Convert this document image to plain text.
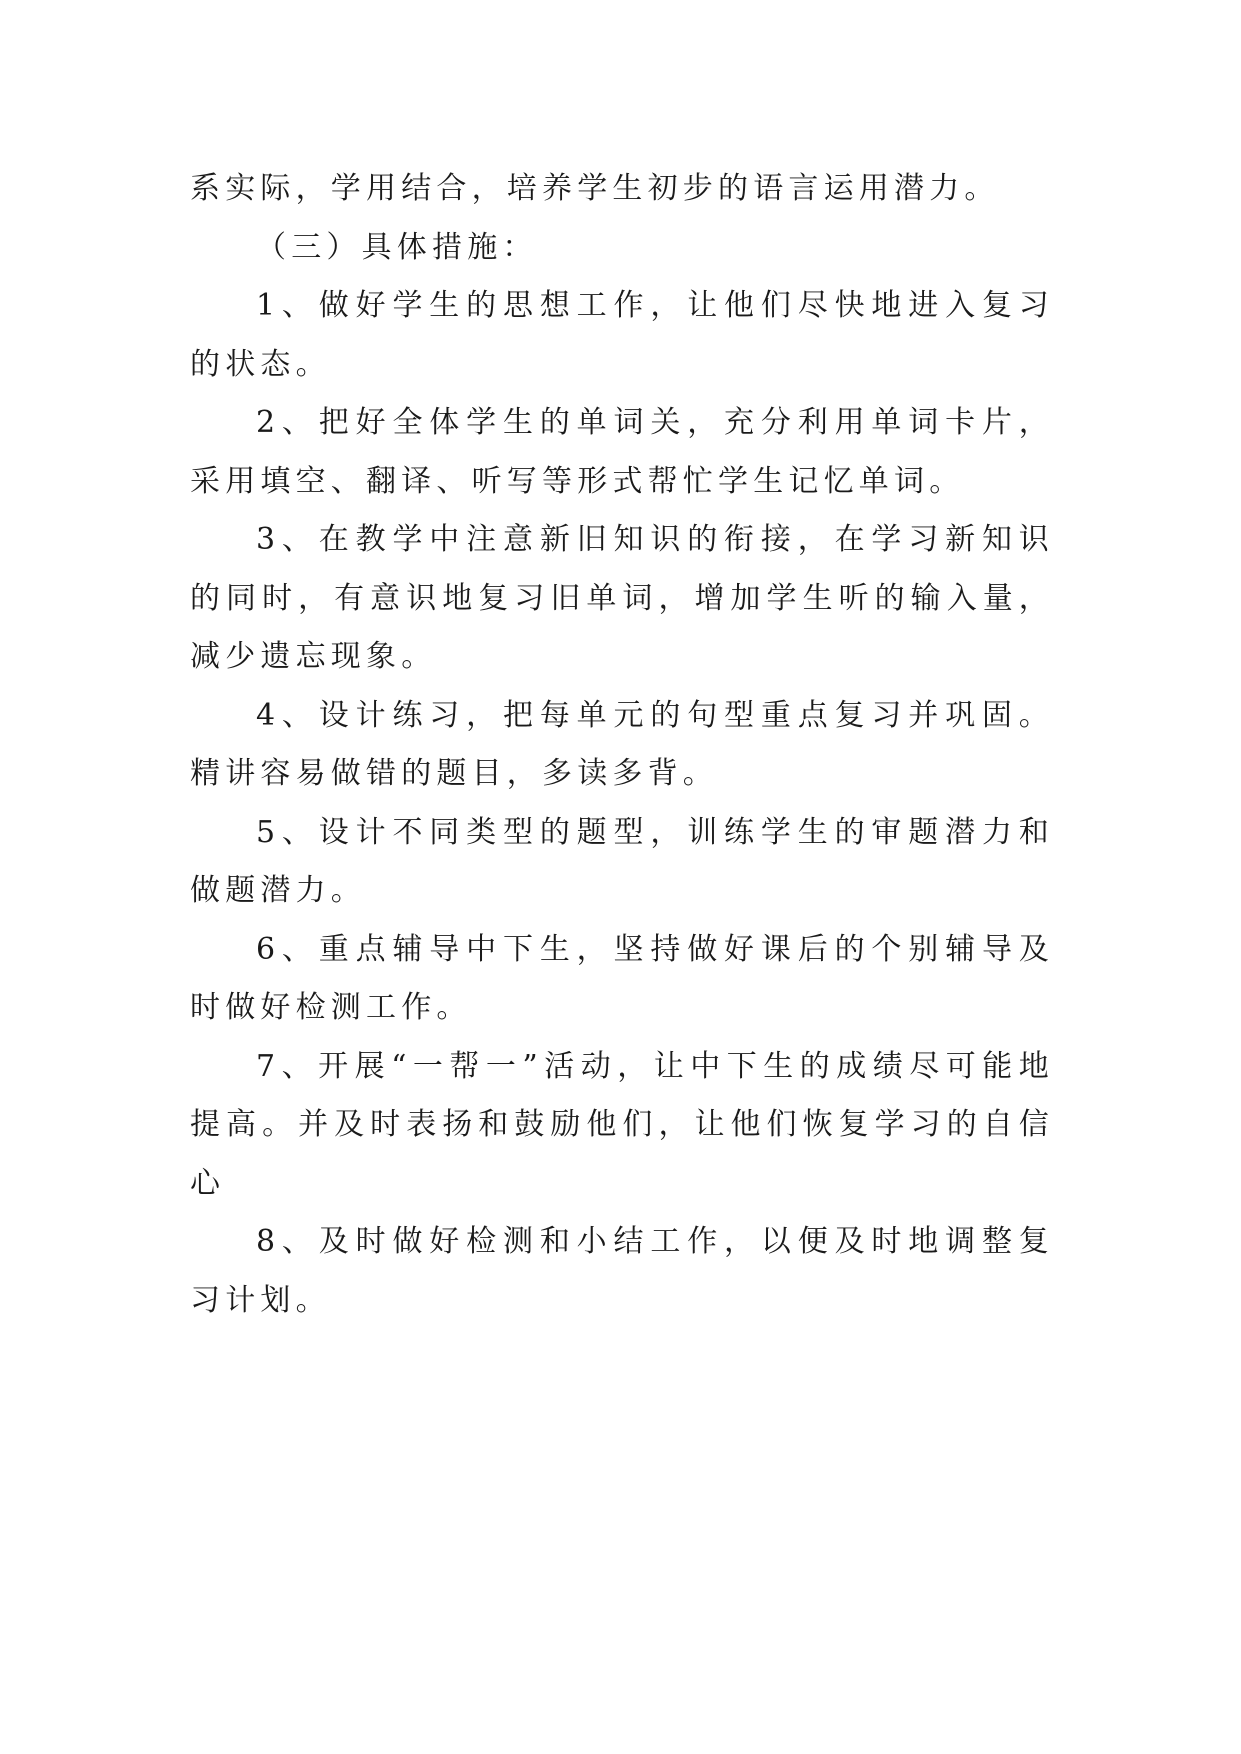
系实际，学用结合，培养学生初步的语言运用潜力。

（三）具体措施：

1、做好学生的思想工作，让他们尽快地进入复习的状态。

2、把好全体学生的单词关，充分利用单词卡片，采用填空、翻译、听写等形式帮忙学生记忆单词。

3、在教学中注意新旧知识的衔接，在学习新知识的同时，有意识地复习旧单词，增加学生听的输入量，减少遗忘现象。

4、设计练习，把每单元的句型重点复习并巩固。精讲容易做错的题目，多读多背。

5、设计不同类型的题型，训练学生的审题潜力和做题潜力。

6、重点辅导中下生，坚持做好课后的个别辅导及时做好检测工作。

7、开展“一帮一”活动，让中下生的成绩尽可能地提高。并及时表扬和鼓励他们，让他们恢复学习的自信心

8、及时做好检测和小结工作，以便及时地调整复习计划。
